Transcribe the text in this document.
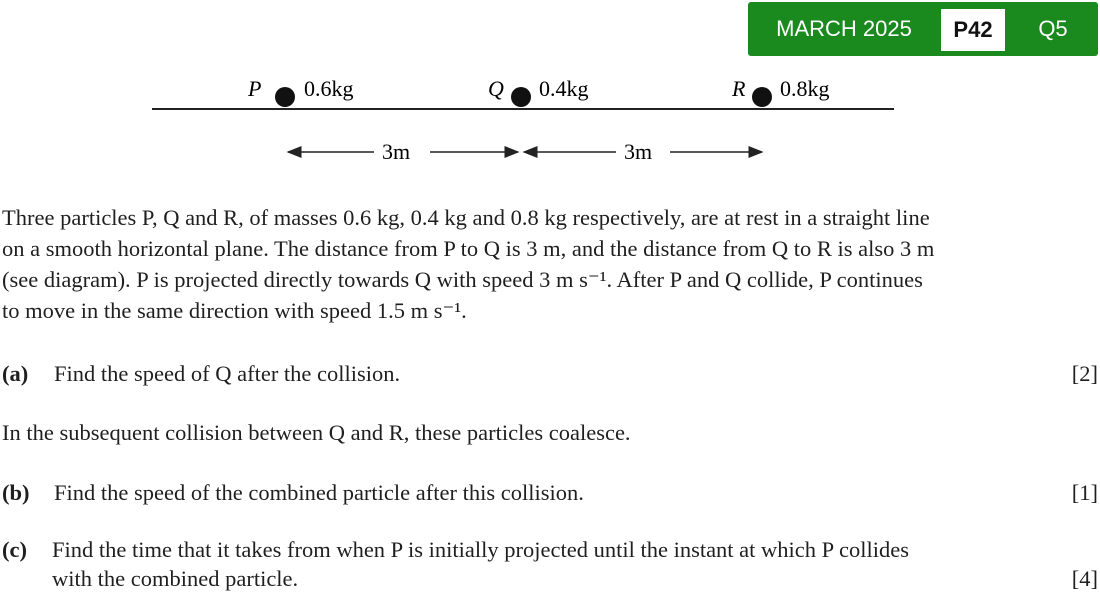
MARCH 2025	P42	Q5
P 0.6kg	Q 0.4kg	R 0.8kg
3m	3m
Three particles P, Q and R, of masses 0.6 kg, 0.4 kg and 0.8 kg respectively, are at rest in a straight line
on a smooth horizontal plane. The distance from P to Q is 3 m, and the distance from Q to R is also 3 m
(see diagram). P is projected directly towards Q with speed 3 m s⁻¹. After P and Q collide, P continues
to move in the same direction with speed 1.5 m s⁻¹.
(a) Find the speed of Q after the collision.	[2]
In the subsequent collision between Q and R, these particles coalesce.
(b) Find the speed of the combined particle after this collision.	[1]
(c) Find the time that it takes from when P is initially projected until the instant at which P collides
with the combined particle.	[4]
